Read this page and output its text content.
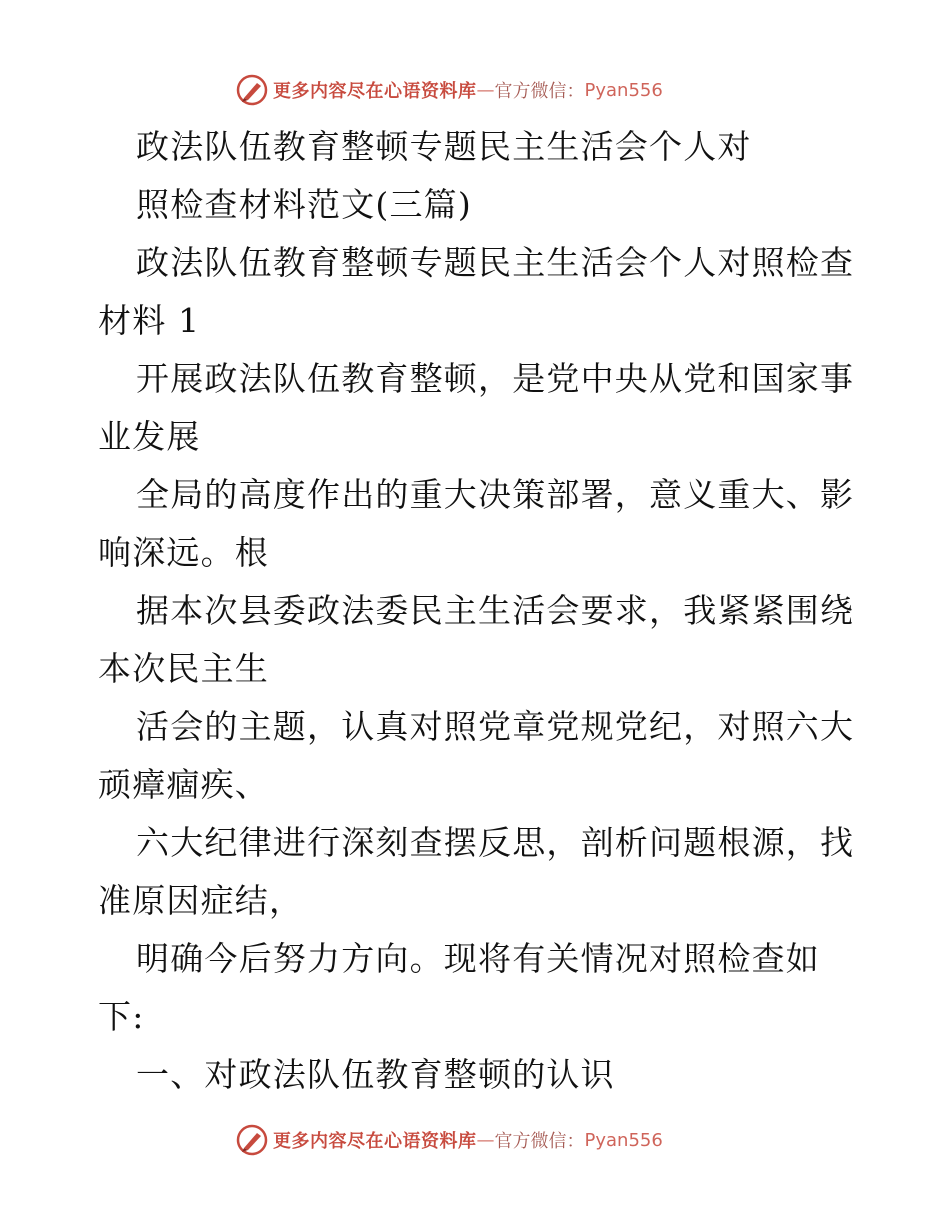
更多内容尽在心语资料库 — 官方微信： Pyan556
政法队伍教育整顿专题民主生活会个人对
照检查材料范文(三篇)
政法队伍教育整顿专题民主生活会个人对照检查
材料 1
开展政法队伍教育整顿，是党中央从党和国家事
业发展
全局的高度作出的重大决策部署，意义重大、影
响深远。根
据本次县委政法委民主生活会要求，我紧紧围绕
本次民主生
活会的主题，认真对照党章党规党纪，对照六大
顽瘴痼疾、
六大纪律进行深刻查摆反思，剖析问题根源，找
准原因症结，
明确今后努力方向。现将有关情况对照检查如
下:
一、对政法队伍教育整顿的认识
更多内容尽在心语资料库 — 官方微信： Pyan556
